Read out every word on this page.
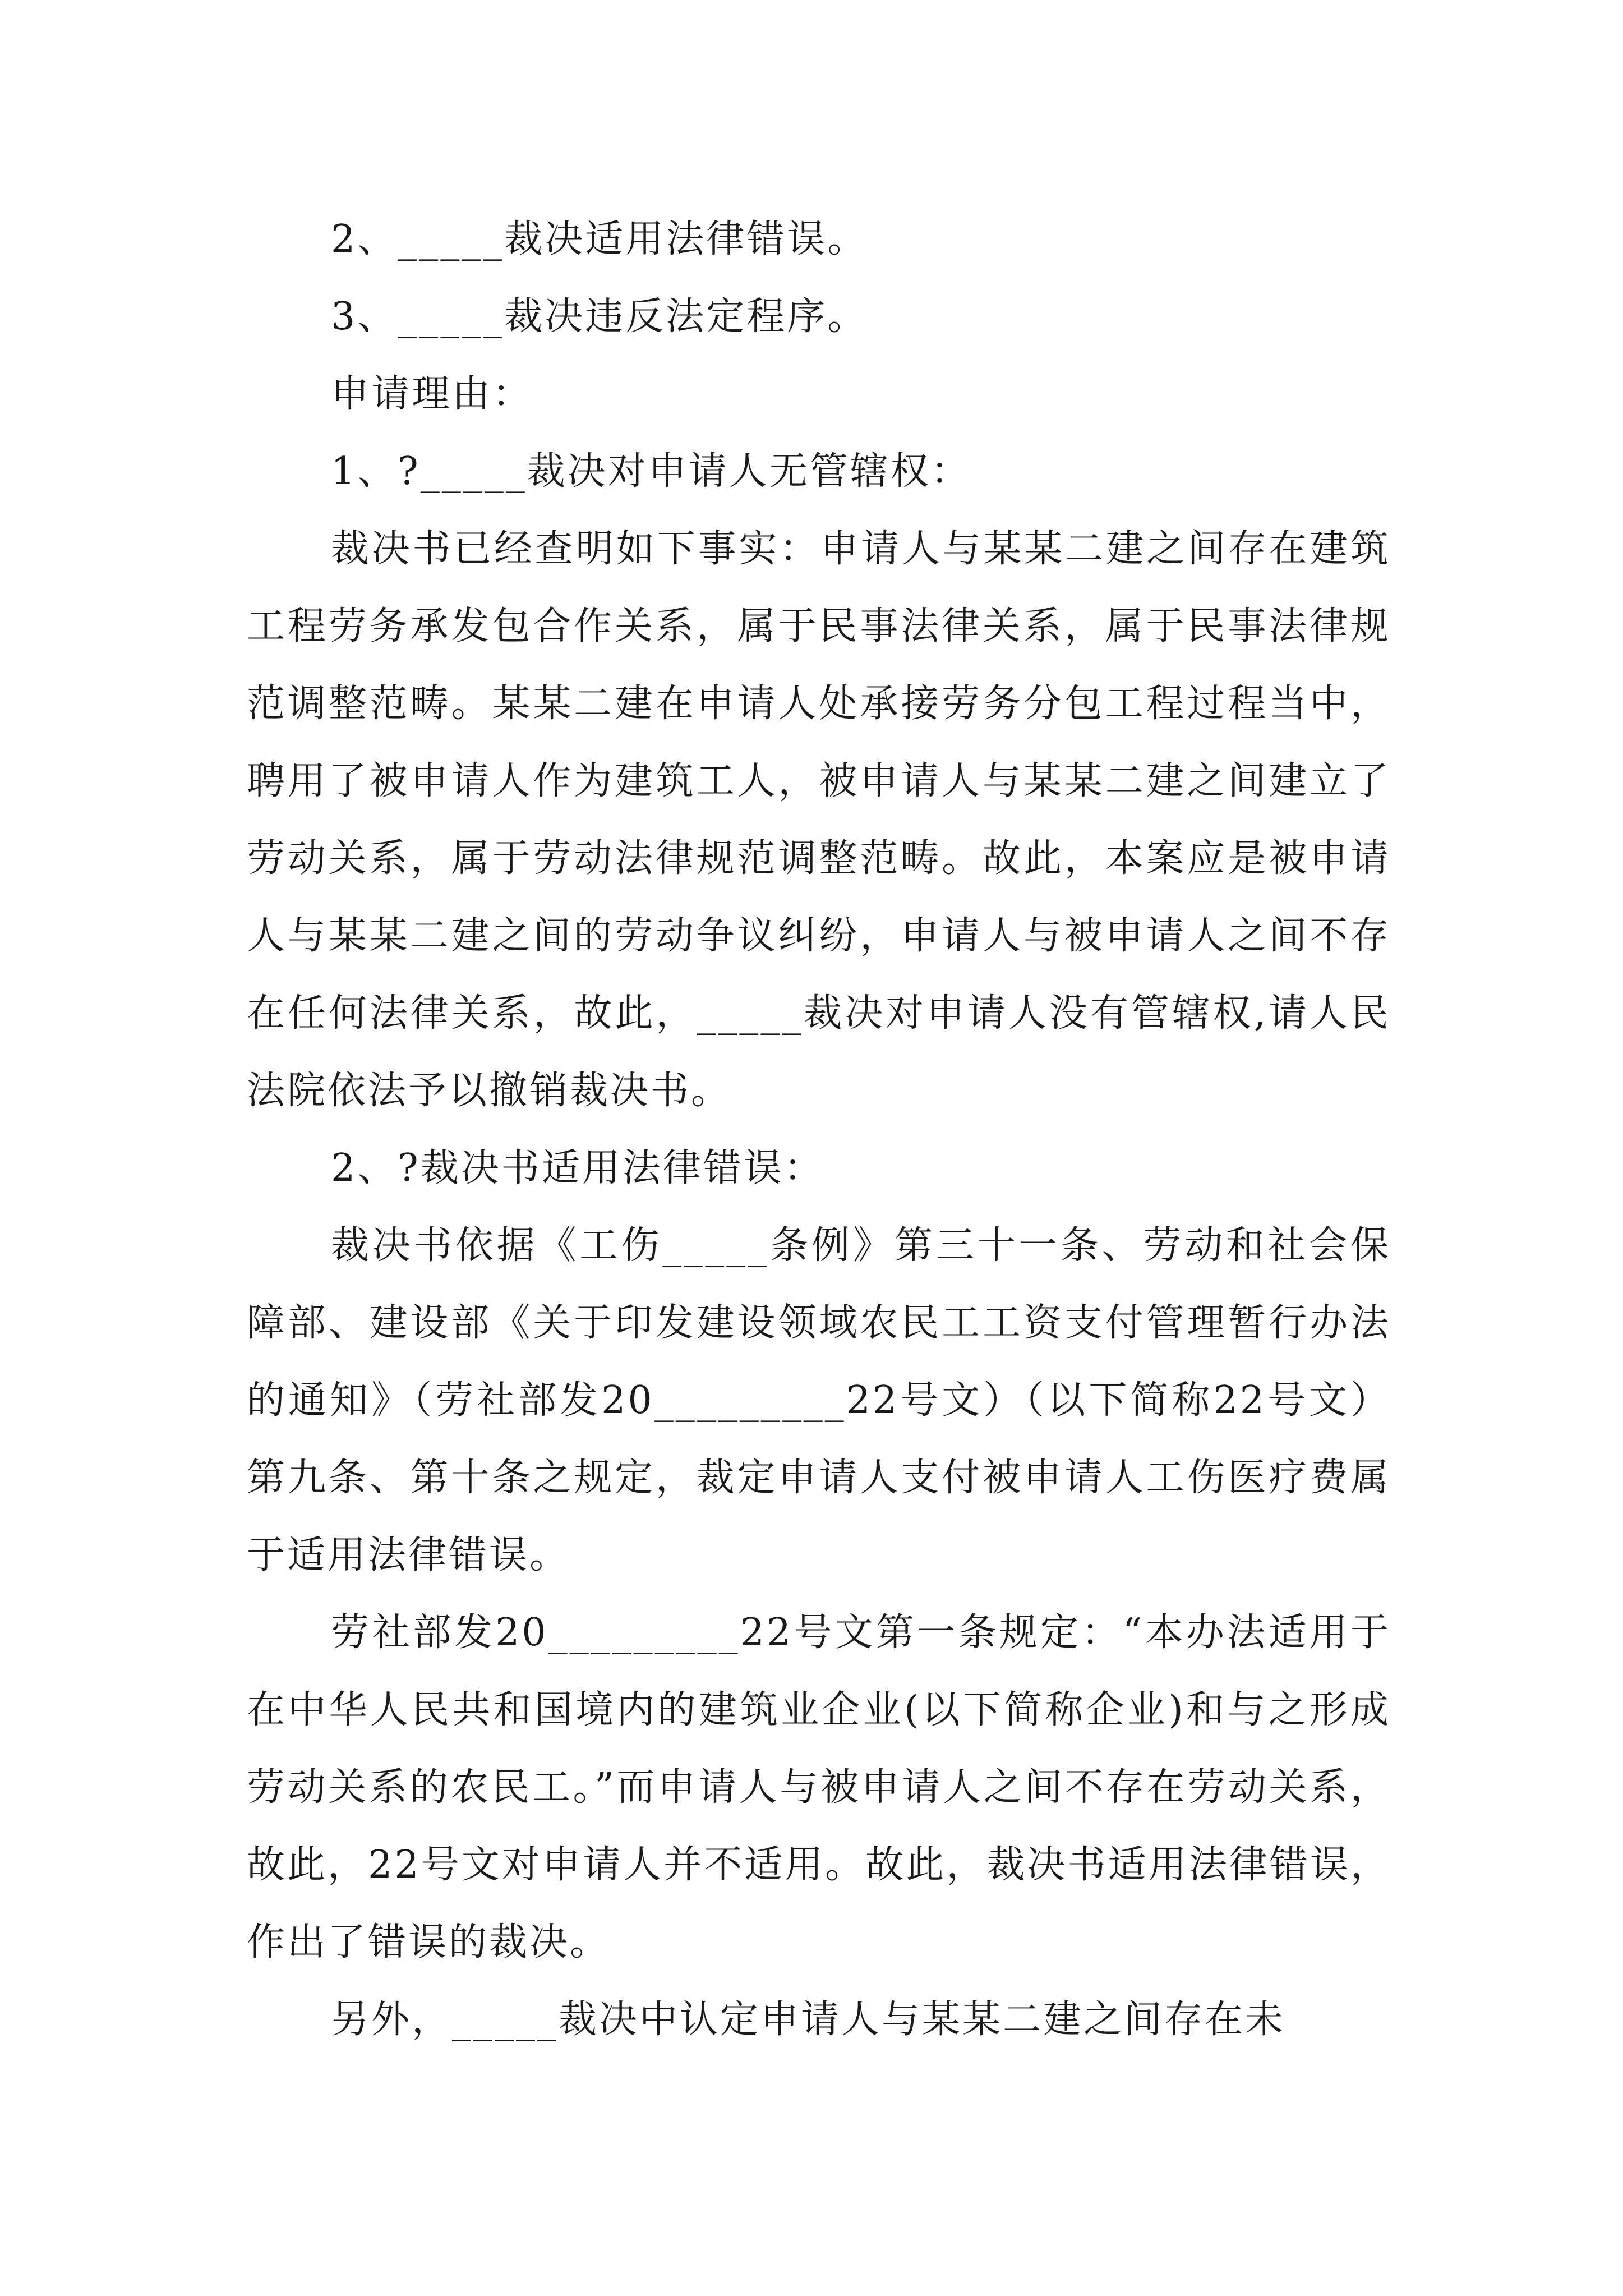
2、_____裁决适用法律错误。

3、_____裁决违反法定程序。

申请理由：

1、?_____裁决对申请人无管辖权：

裁决书已经查明如下事实：申请人与某某二建之间存在建筑工程劳务承发包合作关系，属于民事法律关系，属于民事法律规范调整范畴。某某二建在申请人处承接劳务分包工程过程当中，聘用了被申请人作为建筑工人，被申请人与某某二建之间建立了劳动关系，属于劳动法律规范调整范畴。故此，本案应是被申请人与某某二建之间的劳动争议纠纷，申请人与被申请人之间不存在任何法律关系，故此，_____裁决对申请人没有管辖权,请人民法院依法予以撤销裁决书。

2、?裁决书适用法律错误：

裁决书依据《工伤_____条例》第三十一条、劳动和社会保障部、建设部《关于印发建设领域农民工工资支付管理暂行办法的通知》（劳社部发20_________22号文）（以下简称22号文）第九条、第十条之规定，裁定申请人支付被申请人工伤医疗费属于适用法律错误。

劳社部发20_________22号文第一条规定：“本办法适用于在中华人民共和国境内的建筑业企业(以下简称企业)和与之形成劳动关系的农民工。”而申请人与被申请人之间不存在劳动关系，故此，22号文对申请人并不适用。故此，裁决书适用法律错误，作出了错误的裁决。

另外，_____裁决中认定申请人与某某二建之间存在未
